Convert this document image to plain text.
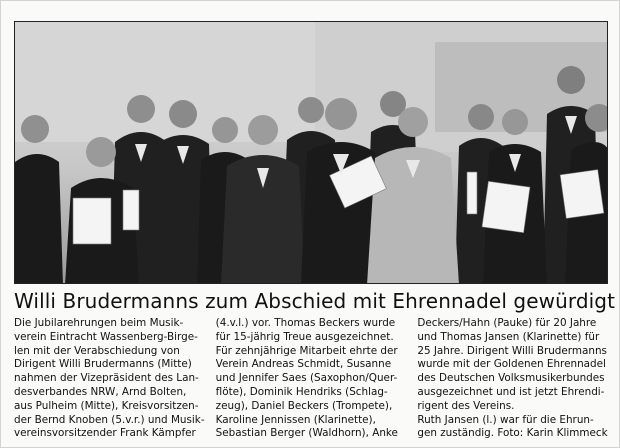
Willi Brudermanns zum Abschied mit Ehrennadel gewürdigt
Die Jubilarehrungen beim Musik-
verein Eintracht Wassenberg-Birge-
len mit der Verabschiedung von
Dirigent Willi Brudermanns (Mitte)
nahmen der Vizepräsident des Lan-
desverbandes NRW, Arnd Bolten,
aus Pulheim (Mitte), Kreisvorsitzen-
der Bernd Knoben (5.v.r.) und Musik-
vereinsvorsitzender Frank Kämpfer
(4.v.l.) vor. Thomas Beckers wurde
für 15-jährig Treue ausgezeichnet.
Für zehnjährige Mitarbeit ehrte der
Verein Andreas Schmidt, Susanne
und Jennifer Saes (Saxophon/Quer-
flöte), Dominik Hendriks (Schlag-
zeug), Daniel Beckers (Trompete),
Karoline Jennissen (Klarinette),
Sebastian Berger (Waldhorn), Anke
Deckers/Hahn (Pauke) für 20 Jahre
und Thomas Jansen (Klarinette) für
25 Jahre. Dirigent Willi Brudermanns
wurde mit der Goldenen Ehrennadel
des Deutschen Volksmusikerbundes
ausgezeichnet und ist jetzt Ehrendi-
rigent des Vereins.
Ruth Jansen (l.) war für die Ehrun-
gen zuständig. Foto: Karin Klimmeck
